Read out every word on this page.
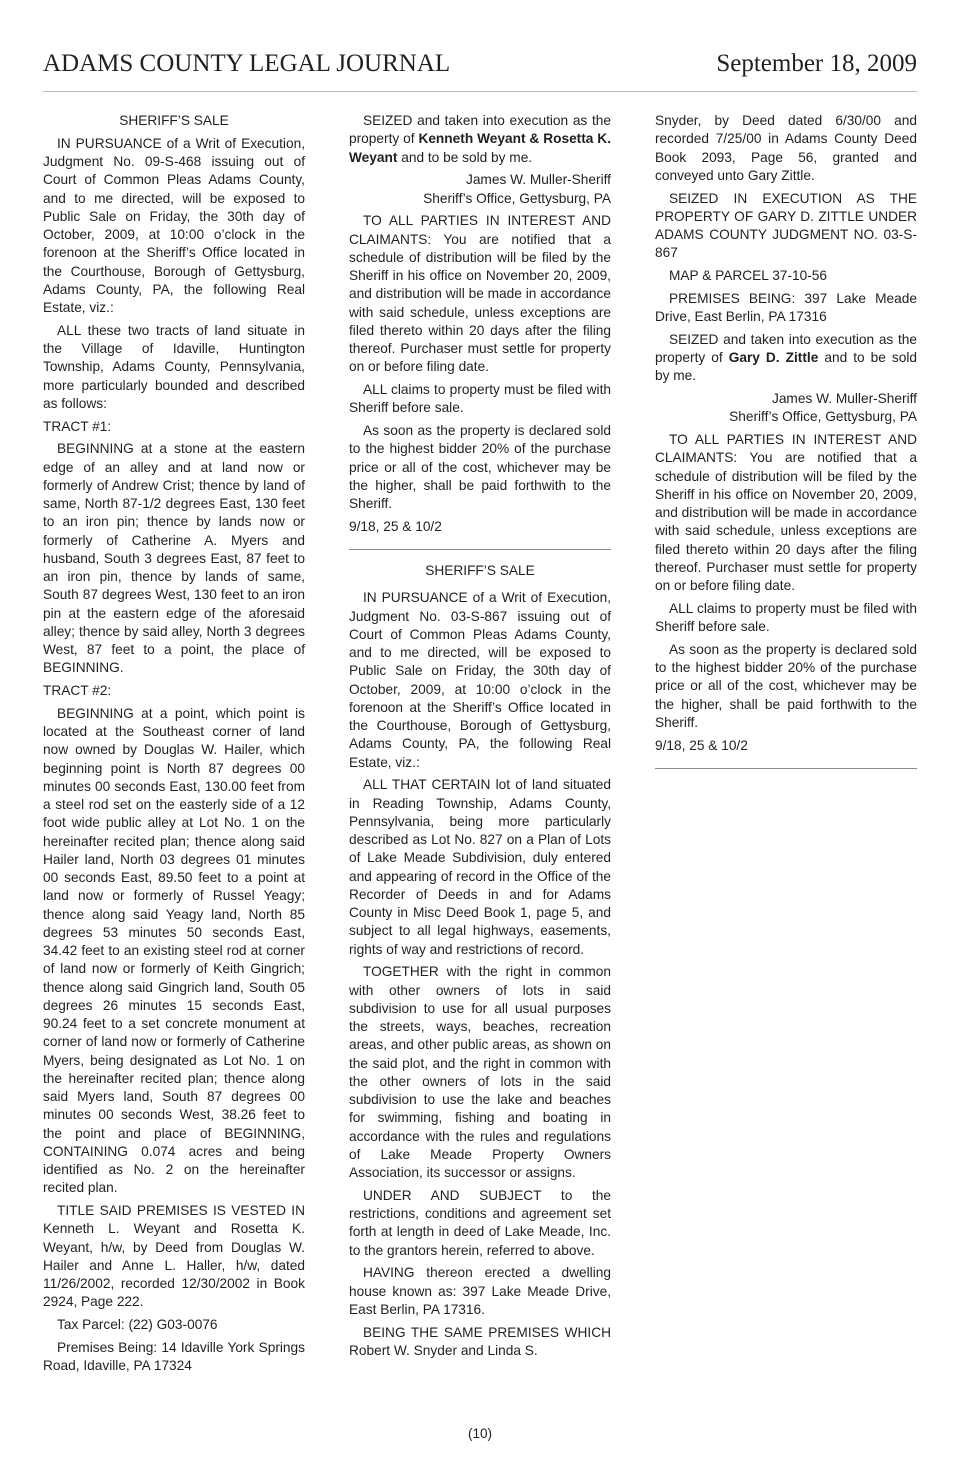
ADAMS COUNTY LEGAL JOURNAL	September 18, 2009

SHERIFF’S SALE

IN PURSUANCE of a Writ of Execution, Judgment No. 09-S-468 issuing out of Court of Common Pleas Adams County, and to me directed, will be exposed to Public Sale on Friday, the 30th day of October, 2009, at 10:00 o’clock in the forenoon at the Sheriff’s Office located in the Courthouse, Borough of Gettysburg, Adams County, PA, the following Real Estate, viz.:

ALL these two tracts of land situate in the Village of Idaville, Huntington Township, Adams County, Pennsylvania, more particularly bounded and described as follows:

TRACT #1:

BEGINNING at a stone at the eastern edge of an alley and at land now or formerly of Andrew Crist; thence by land of same, North 87-1/2 degrees East, 130 feet to an iron pin; thence by lands now or formerly of Catherine A. Myers and husband, South 3 degrees East, 87 feet to an iron pin, thence by lands of same, South 87 degrees West, 130 feet to an iron pin at the eastern edge of the aforesaid alley; thence by said alley, North 3 degrees West, 87 feet to a point, the place of BEGINNING.

TRACT #2:

BEGINNING at a point, which point is located at the Southeast corner of land now owned by Douglas W. Hailer, which beginning point is North 87 degrees 00 minutes 00 seconds East, 130.00 feet from a steel rod set on the easterly side of a 12 foot wide public alley at Lot No. 1 on the hereinafter recited plan; thence along said Hailer land, North 03 degrees 01 minutes 00 seconds East, 89.50 feet to a point at land now or formerly of Russel Yeagy; thence along said Yeagy land, North 85 degrees 53 minutes 50 seconds East, 34.42 feet to an existing steel rod at corner of land now or formerly of Keith Gingrich; thence along said Gingrich land, South 05 degrees 26 minutes 15 seconds East, 90.24 feet to a set concrete monument at corner of land now or formerly of Catherine Myers, being designated as Lot No. 1 on the hereinafter recited plan; thence along said Myers land, South 87 degrees 00 minutes 00 seconds West, 38.26 feet to the point and place of BEGINNING, CONTAINING 0.074 acres and being identified as No. 2 on the hereinafter recited plan.

TITLE SAID PREMISES IS VESTED IN Kenneth L. Weyant and Rosetta K. Weyant, h/w, by Deed from Douglas W. Hailer and Anne L. Haller, h/w, dated 11/26/2002, recorded 12/30/2002 in Book 2924, Page 222.

Tax Parcel: (22) G03-0076

Premises Being: 14 Idaville York Springs Road, Idaville, PA 17324

SEIZED and taken into execution as the property of Kenneth Weyant & Rosetta K. Weyant and to be sold by me.

James W. Muller-Sheriff

Sheriff’s Office, Gettysburg, PA

TO ALL PARTIES IN INTEREST AND CLAIMANTS: You are notified that a schedule of distribution will be filed by the Sheriff in his office on November 20, 2009, and distribution will be made in accordance with said schedule, unless exceptions are filed thereto within 20 days after the filing thereof. Purchaser must settle for property on or before filing date.

ALL claims to property must be filed with Sheriff before sale.

As soon as the property is declared sold to the highest bidder 20% of the purchase price or all of the cost, whichever may be the higher, shall be paid forthwith to the Sheriff.

9/18, 25 & 10/2

SHERIFF’S SALE

IN PURSUANCE of a Writ of Execution, Judgment No. 03-S-867 issuing out of Court of Common Pleas Adams County, and to me directed, will be exposed to Public Sale on Friday, the 30th day of October, 2009, at 10:00 o’clock in the forenoon at the Sheriff’s Office located in the Courthouse, Borough of Gettysburg, Adams County, PA, the following Real Estate, viz.:

ALL THAT CERTAIN lot of land situated in Reading Township, Adams County, Pennsylvania, being more particularly described as Lot No. 827 on a Plan of Lots of Lake Meade Subdivision, duly entered and appearing of record in the Office of the Recorder of Deeds in and for Adams County in Misc Deed Book 1, page 5, and subject to all legal highways, easements, rights of way and restrictions of record.

TOGETHER with the right in common with other owners of lots in said subdivision to use for all usual purposes the streets, ways, beaches, recreation areas, and other public areas, as shown on the said plot, and the right in common with the other owners of lots in the said subdivision to use the lake and beaches for swimming, fishing and boating in accordance with the rules and regulations of Lake Meade Property Owners Association, its successor or assigns.

UNDER AND SUBJECT to the restrictions, conditions and agreement set forth at length in deed of Lake Meade, Inc. to the grantors herein, referred to above.

HAVING thereon erected a dwelling house known as: 397 Lake Meade Drive, East Berlin, PA 17316.

BEING THE SAME PREMISES WHICH Robert W. Snyder and Linda S.

Snyder, by Deed dated 6/30/00 and recorded 7/25/00 in Adams County Deed Book 2093, Page 56, granted and conveyed unto Gary Zittle.

SEIZED IN EXECUTION AS THE PROPERTY OF GARY D. ZITTLE UNDER ADAMS COUNTY JUDGMENT NO. 03-S-867

MAP & PARCEL 37-10-56

PREMISES BEING: 397 Lake Meade Drive, East Berlin, PA 17316

SEIZED and taken into execution as the property of Gary D. Zittle and to be sold by me.

James W. Muller-Sheriff

Sheriff’s Office, Gettysburg, PA

TO ALL PARTIES IN INTEREST AND CLAIMANTS: You are notified that a schedule of distribution will be filed by the Sheriff in his office on November 20, 2009, and distribution will be made in accordance with said schedule, unless exceptions are filed thereto within 20 days after the filing thereof. Purchaser must settle for property on or before filing date.

ALL claims to property must be filed with Sheriff before sale.

As soon as the property is declared sold to the highest bidder 20% of the purchase price or all of the cost, whichever may be the higher, shall be paid forthwith to the Sheriff.

9/18, 25 & 10/2

(10)
